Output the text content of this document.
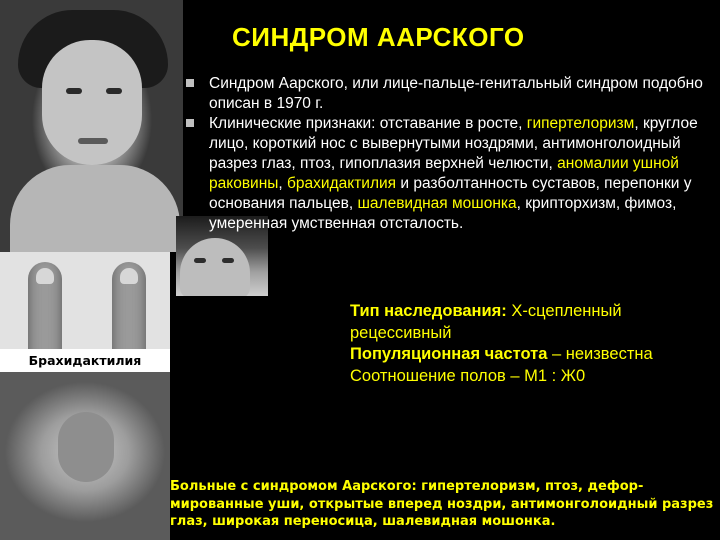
Брахидактилия
СИНДРОМ ААРСКОГО
Синдром Аарского, или лице-пальце-генитальный синдром подобно описан в 1970 г.
Клинические признаки: отставание в росте, гипертелоризм, круглое лицо, короткий нос с вывернутыми ноздрями, антимонголоидный разрез глаз, птоз, гипоплазия верхней челюсти, аномалии ушной раковины, брахидактилия и разболтанность суставов, перепонки у основания пальцев, шалевидная мошонка, крипторхизм, фимоз, умеренная умственная отсталость.
Тип наследования: Х-сцепленный рецессивный
Популяционная частота – неизвестна
Соотношение полов – М1 : Ж0
Больные с синдромом Аарского: гипертелоризм, птоз, дефор-мированные уши, открытые вперед ноздри, антимонголоидный разрез глаз, широкая переносица, шалевидная мошонка.
